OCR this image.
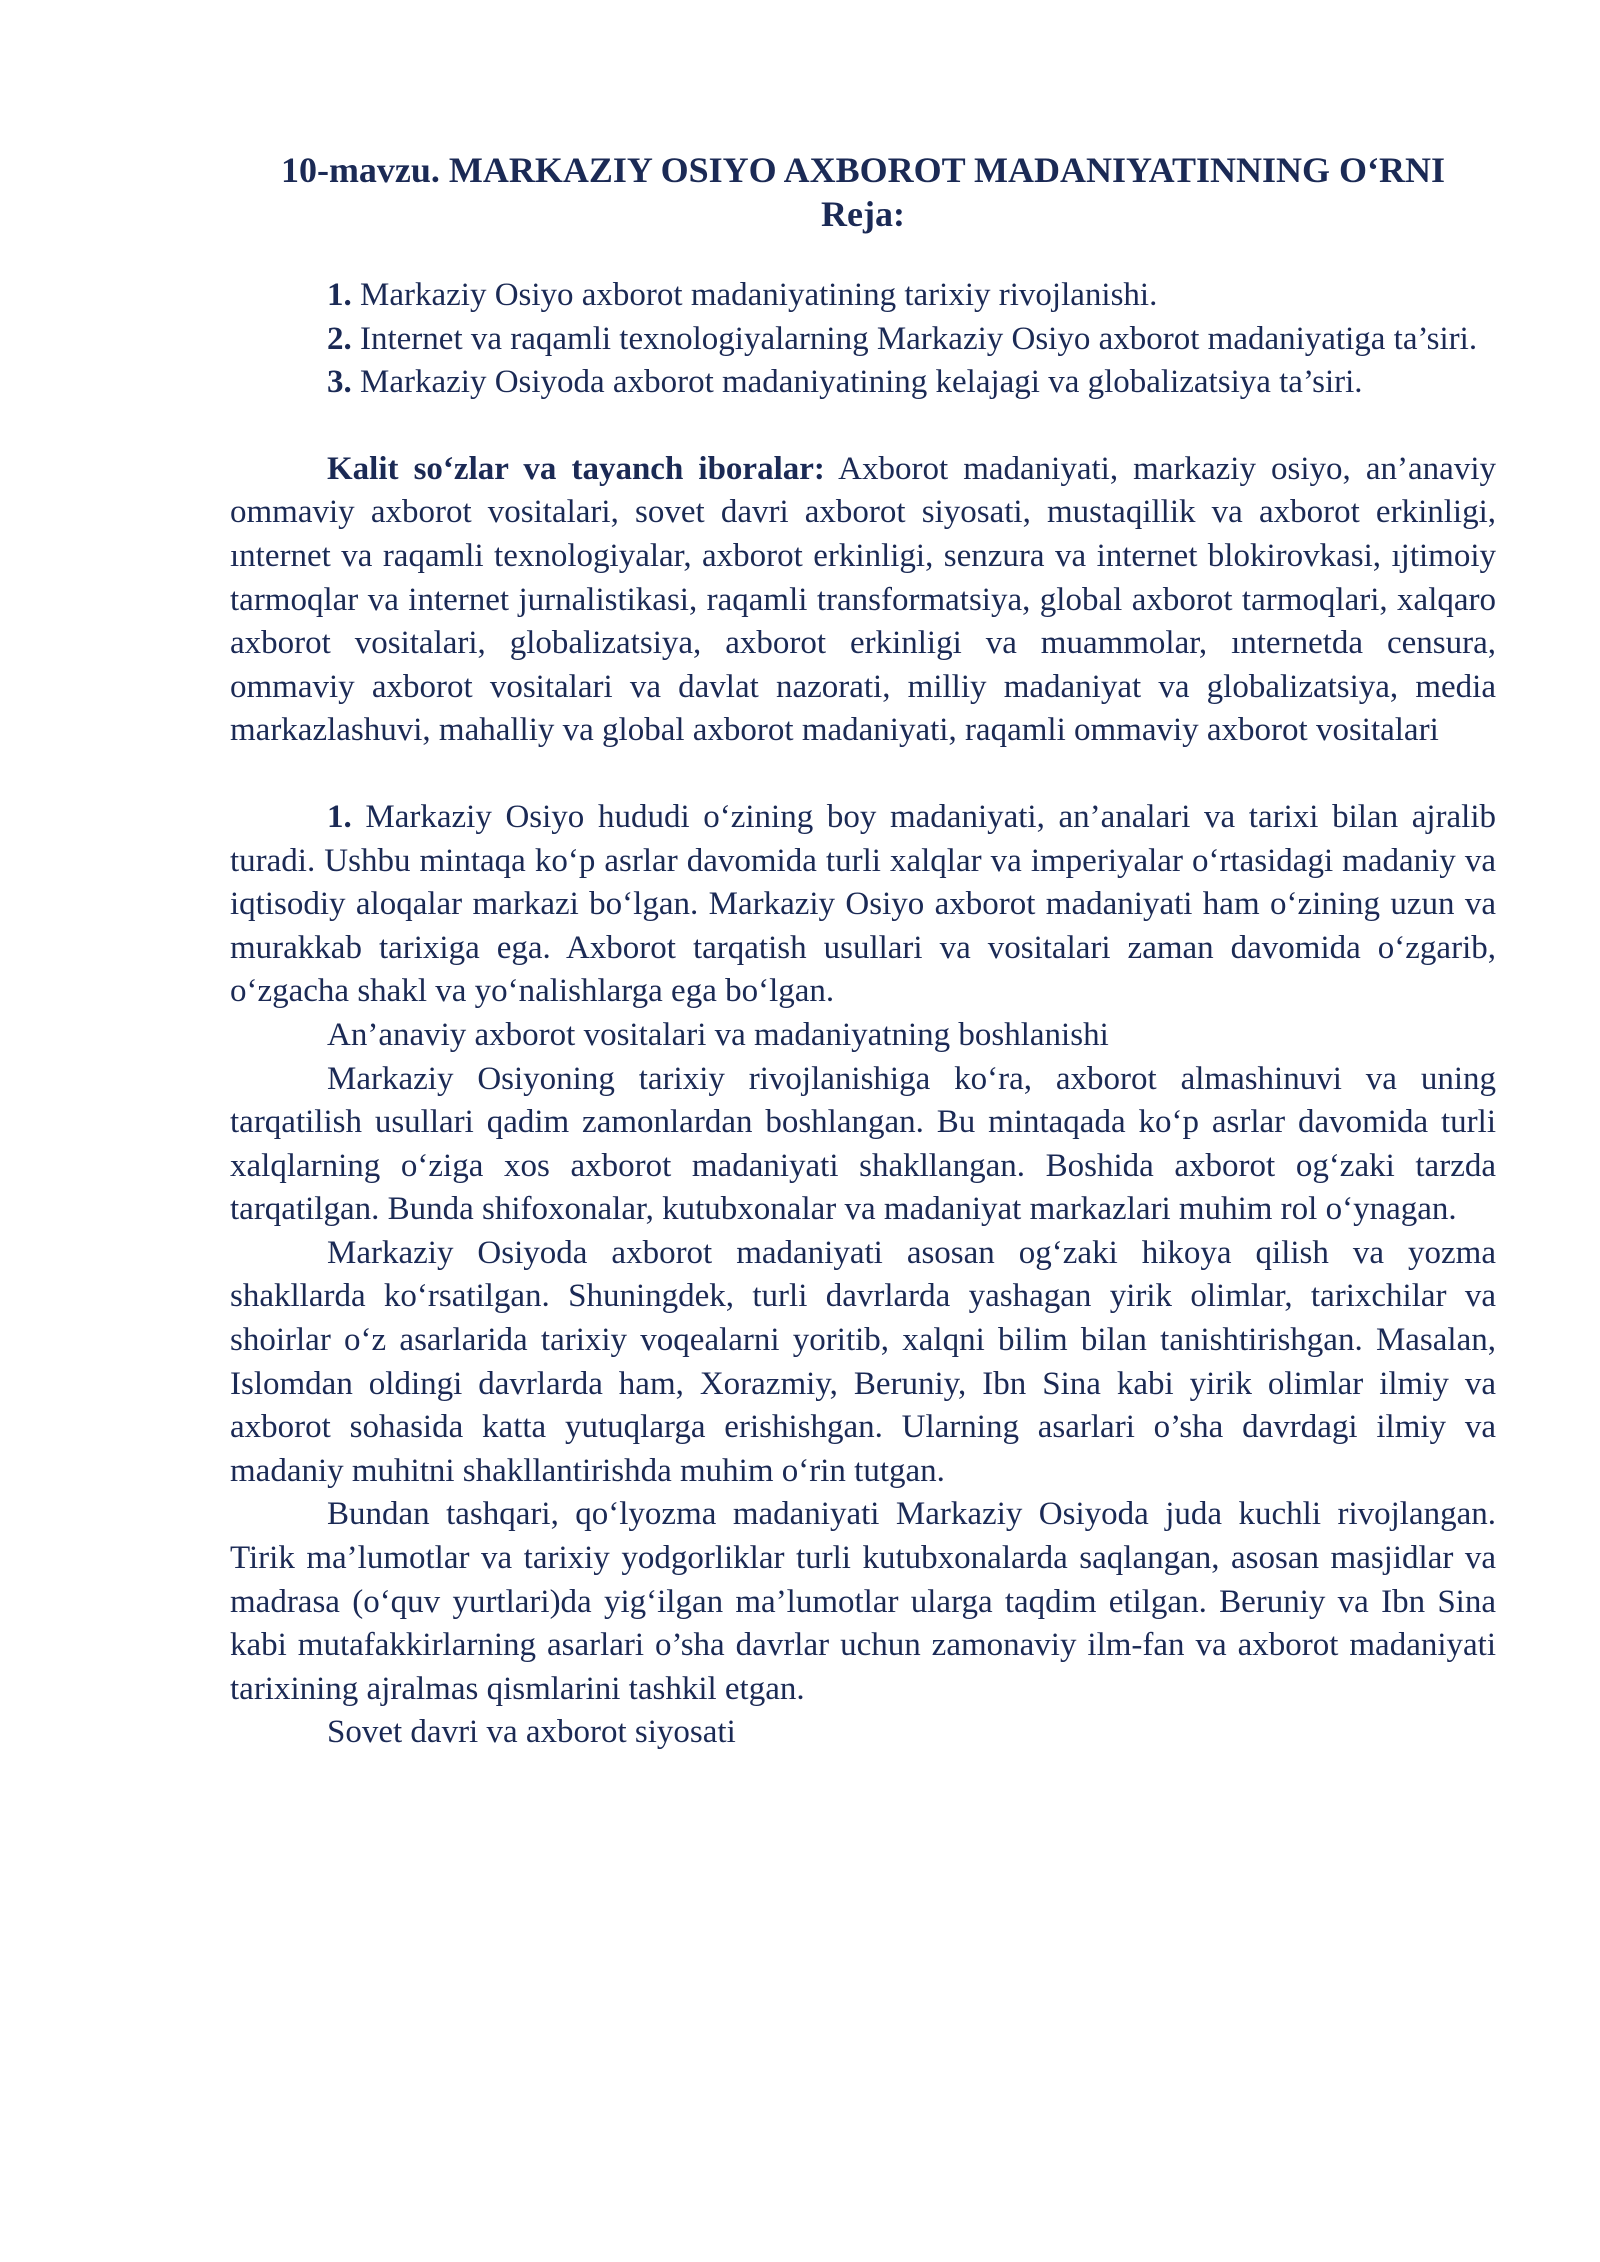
10-mavzu. MARKAZIY OSIYO AXBOROT MADANIYATINNING O‘RNI

Reja:

1. Markaziy Osiyo axborot madaniyatining tarixiy rivojlanishi.

2. Internet va raqamli texnologiyalarning Markaziy Osiyo axborot madaniyatiga ta’siri.

3. Markaziy Osiyoda axborot madaniyatining kelajagi va globalizatsiya ta’siri.

Kalit so‘zlar va tayanch iboralar: Axborot madaniyati, markaziy osiyo, an’anaviy ommaviy axborot vositalari, sovet davri axborot siyosati, mustaqillik va axborot erkinligi, ınternet va raqamli texnologiyalar, axborot erkinligi, senzura va internet blokirovkasi, ıjtimoiy tarmoqlar va internet jurnalistikasi, raqamli transformatsiya, global axborot tarmoqlari, xalqaro axborot vositalari, globalizatsiya, axborot erkinligi va muammolar, ınternetda censura, ommaviy axborot vositalari va davlat nazorati, milliy madaniyat va globalizatsiya, media markazlashuvi, mahalliy va global axborot madaniyati, raqamli ommaviy axborot vositalari

1. Markaziy Osiyo hududi o‘zining boy madaniyati, an’analari va tarixi bilan ajralib turadi. Ushbu mintaqa ko‘p asrlar davomida turli xalqlar va imperiyalar o‘rtasidagi madaniy va iqtisodiy aloqalar markazi bo‘lgan. Markaziy Osiyo axborot madaniyati ham o‘zining uzun va murakkab tarixiga ega. Axborot tarqatish usullari va vositalari zaman davomida o‘zgarib, o‘zgacha shakl va yo‘nalishlarga ega bo‘lgan.

An’anaviy axborot vositalari va madaniyatning boshlanishi

Markaziy Osiyoning tarixiy rivojlanishiga ko‘ra, axborot almashinuvi va uning tarqatilish usullari qadim zamonlardan boshlangan. Bu mintaqada ko‘p asrlar davomida turli xalqlarning o‘ziga xos axborot madaniyati shakllangan. Boshida axborot og‘zaki tarzda tarqatilgan. Bunda shifoxonalar, kutubxonalar va madaniyat markazlari muhim rol o‘ynagan.

Markaziy Osiyoda axborot madaniyati asosan og‘zaki hikoya qilish va yozma shakllarda ko‘rsatilgan. Shuningdek, turli davrlarda yashagan yirik olimlar, tarixchilar va shoirlar o‘z asarlarida tarixiy voqealarni yoritib, xalqni bilim bilan tanishtirishgan. Masalan, Islomdan oldingi davrlarda ham, Xorazmiy, Beruniy, Ibn Sina kabi yirik olimlar ilmiy va axborot sohasida katta yutuqlarga erishishgan. Ularning asarlari o’sha davrdagi ilmiy va madaniy muhitni shakllantirishda muhim o‘rin tutgan.

Bundan tashqari, qo‘lyozma madaniyati Markaziy Osiyoda juda kuchli rivojlangan. Tirik ma’lumotlar va tarixiy yodgorliklar turli kutubxonalarda saqlangan, asosan masjidlar va madrasa (o‘quv yurtlari)da yig‘ilgan ma’lumotlar ularga taqdim etilgan. Beruniy va Ibn Sina kabi mutafakkirlarning asarlari o’sha davrlar uchun zamonaviy ilm-fan va axborot madaniyati tarixining ajralmas qismlarini tashkil etgan.

Sovet davri va axborot siyosati
